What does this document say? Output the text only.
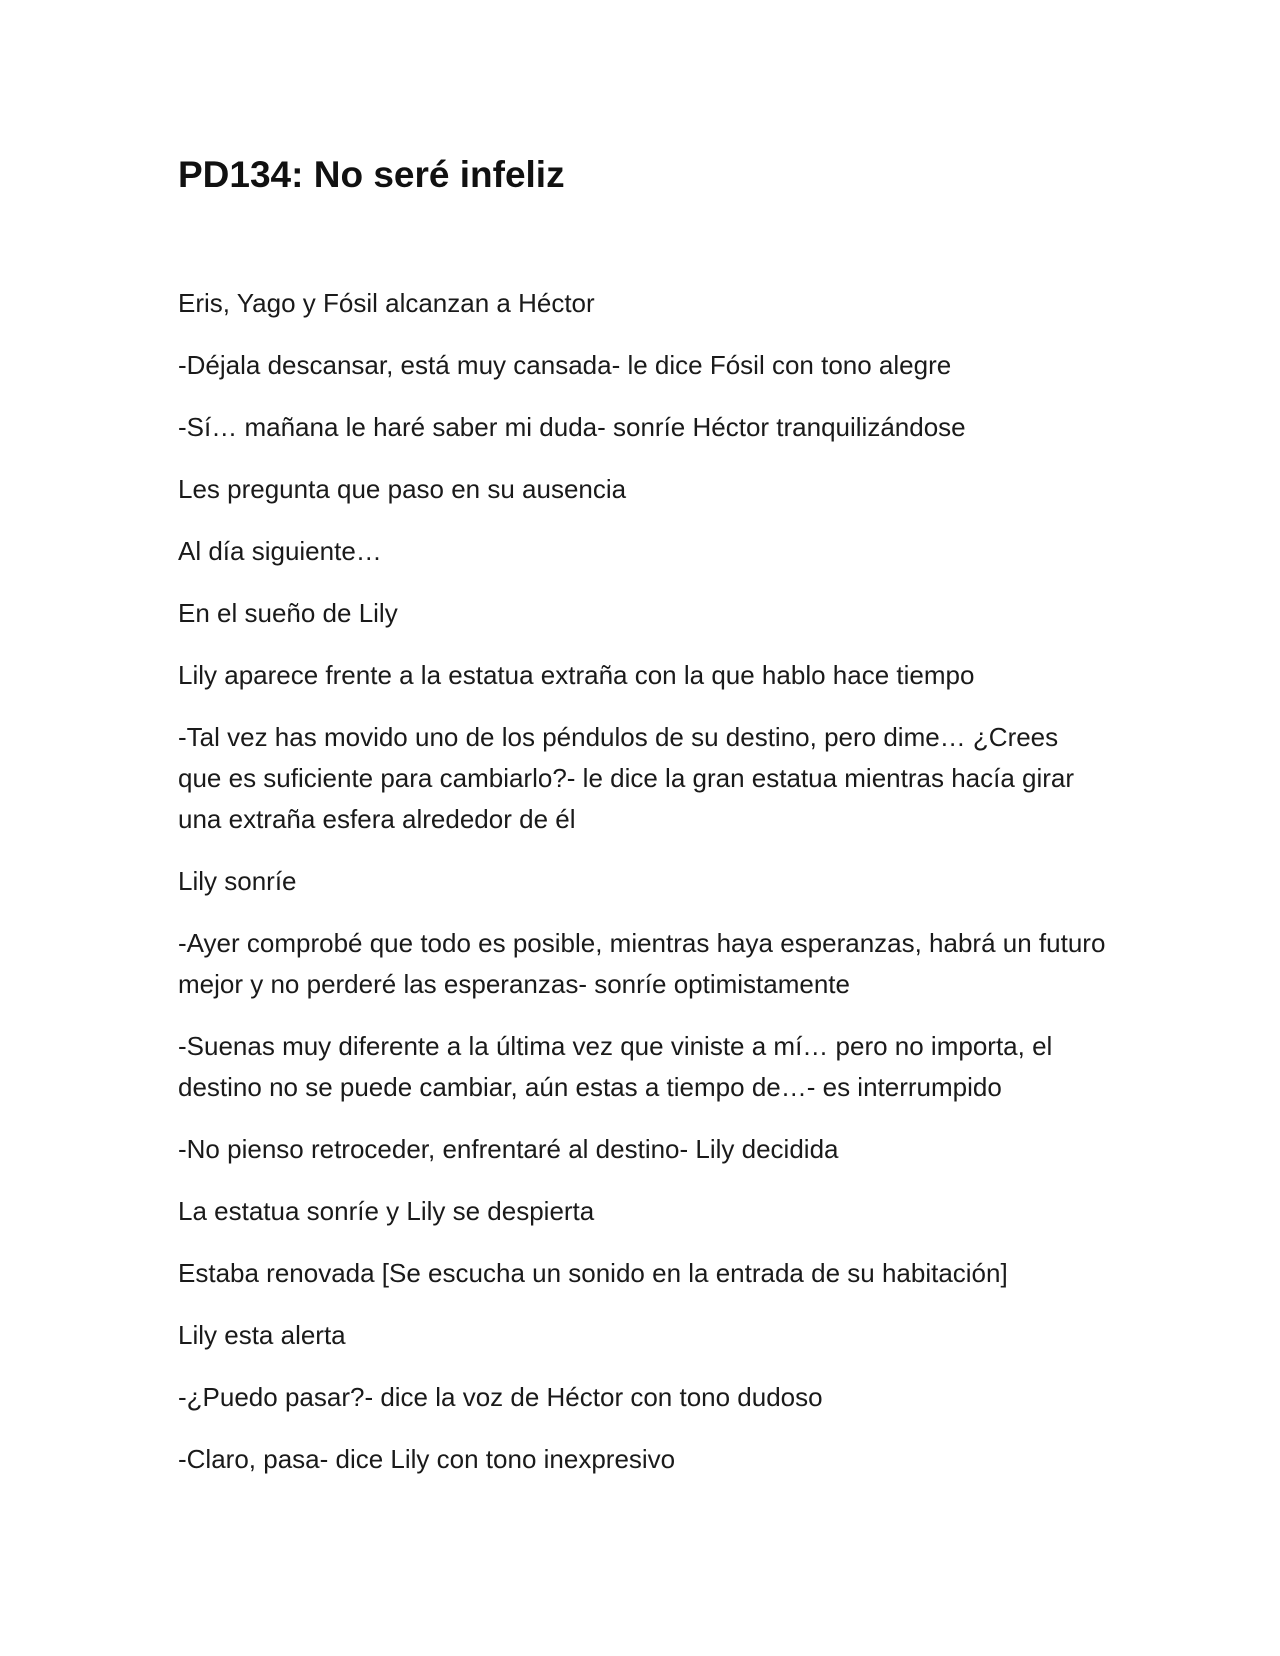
PD134: No seré infeliz

Eris, Yago y Fósil alcanzan a Héctor

-Déjala descansar, está muy cansada- le dice Fósil con tono alegre

-Sí… mañana le haré saber mi duda- sonríe Héctor tranquilizándose

Les pregunta que paso en su ausencia

Al día siguiente…

En el sueño de Lily

Lily aparece frente a la estatua extraña con la que hablo hace tiempo

-Tal vez has movido uno de los péndulos de su destino, pero dime… ¿Crees que es suficiente para cambiarlo?- le dice la gran estatua mientras hacía girar una extraña esfera alrededor de él

Lily sonríe

-Ayer comprobé que todo es posible, mientras haya esperanzas, habrá un futuro mejor y no perderé las esperanzas- sonríe optimistamente

-Suenas muy diferente a la última vez que viniste a mí… pero no importa, el destino no se puede cambiar, aún estas a tiempo de…- es interrumpido

-No pienso retroceder, enfrentaré al destino- Lily decidida

La estatua sonríe y Lily se despierta

Estaba renovada [Se escucha un sonido en la entrada de su habitación]

Lily esta alerta

-¿Puedo pasar?- dice la voz de Héctor con tono dudoso

-Claro, pasa- dice Lily con tono inexpresivo
